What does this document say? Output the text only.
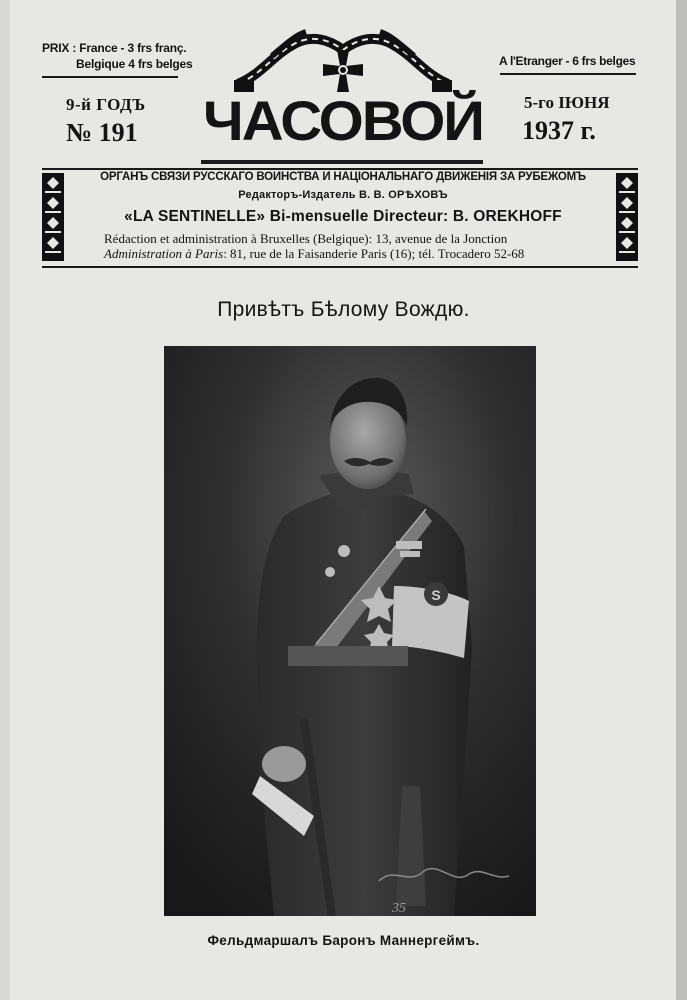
PRIX : France - 3 frs franç.
Belgique 4 frs belges	A l'Etranger - 6 frs belges
9-й ГОДЪ
№ 191 ЧАСОВОЙ 5-го ІЮНЯ
1937 г.
ОРГАНЪ СВЯЗИ РУССКАГО ВОИНСТВА И НАЦІОНАЛЬНАГО ДВИЖЕНІЯ ЗА РУБЕЖОМЪ
Редакторъ-Издатель В. В. ОРѢХОВЪ
«LA SENTINELLE» Bi-mensuelle Directeur: B. OREKHOFF
Rédaction et administration à Bruxelles (Belgique): 13, avenue de la Jonction
Administration à Paris: 81, rue de la Faisanderie Paris (16); tél. Trocadero 52-68
Привѣтъ Бѣлому Вождю.
S
35
Фельдмаршалъ Баронъ Маннергеймъ.
